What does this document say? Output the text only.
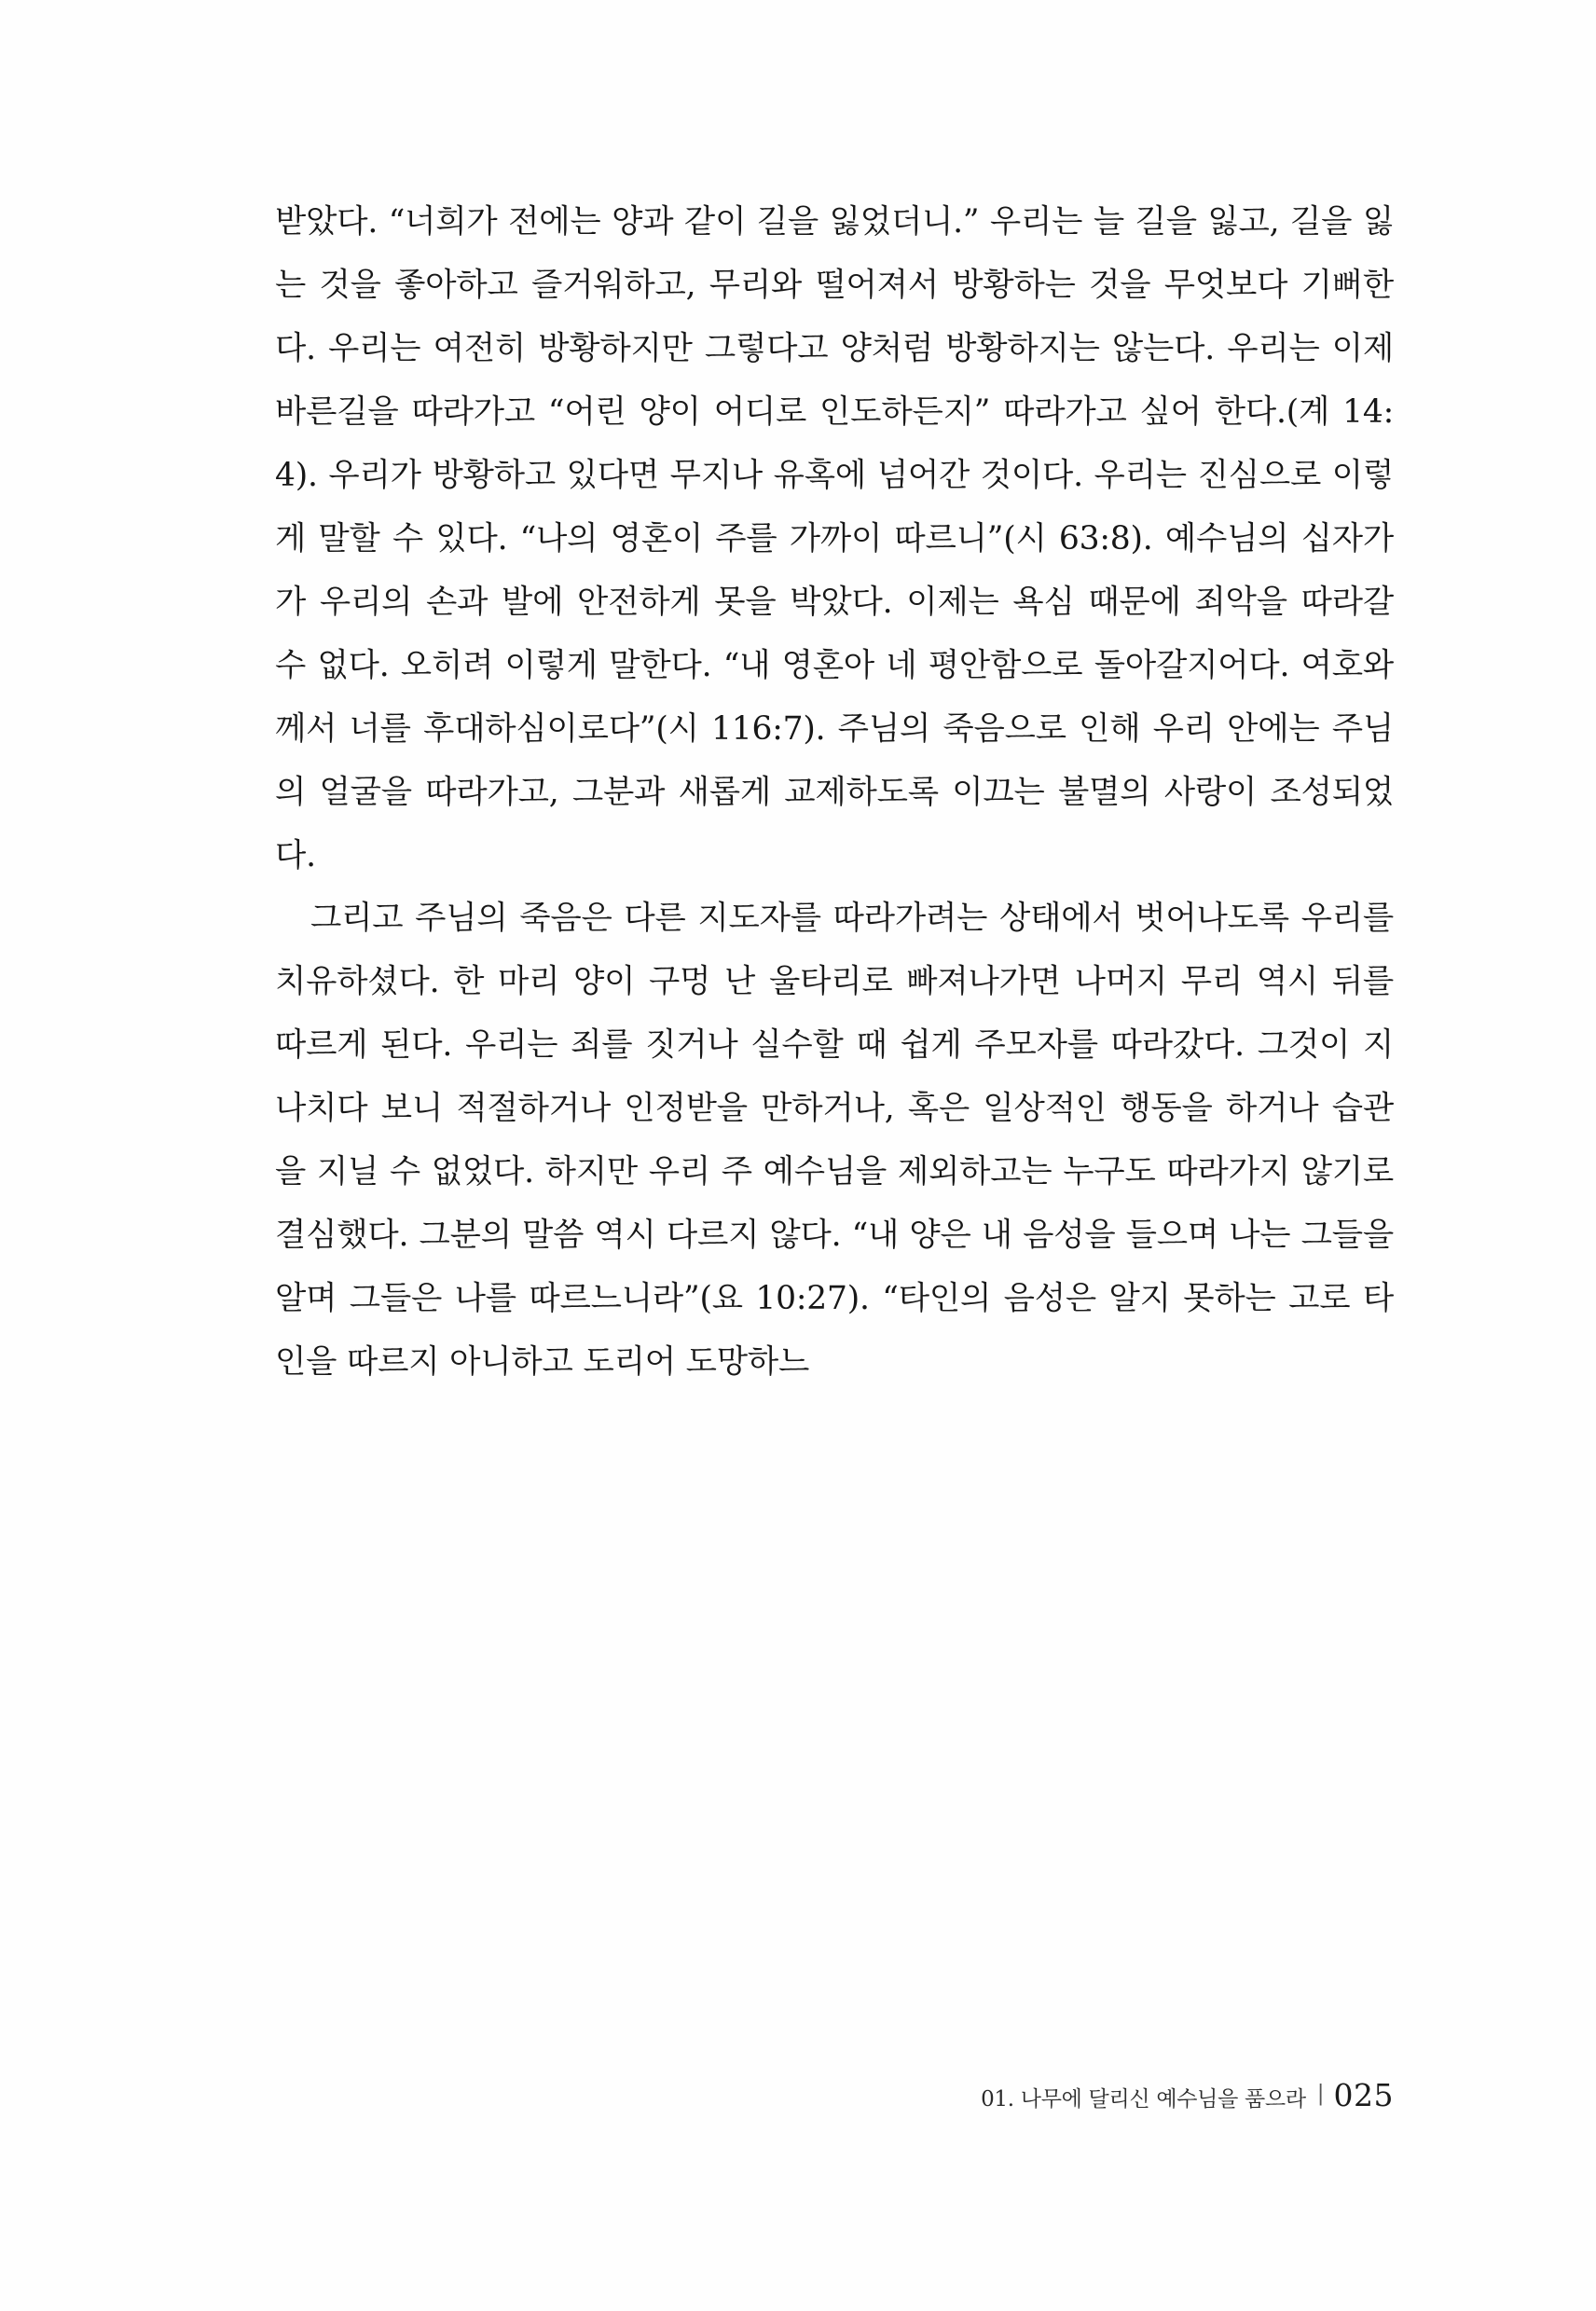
받았다. “너희가 전에는 양과 같이 길을 잃었더니.” 우리는 늘 길을 잃고, 길을 잃는 것을 좋아하고 즐거워하고, 무리와 떨어져서 방황하는 것을 무엇보다 기뻐한다. 우리는 여전히 방황하지만 그렇다고 양처럼 방황하지는 않는다. 우리는 이제 바른길을 따라가고 “어린 양이 어디로 인도하든지” 따라가고 싶어 한다.(계 14:4). 우리가 방황하고 있다면 무지나 유혹에 넘어간 것이다. 우리는 진심으로 이렇게 말할 수 있다. “나의 영혼이 주를 가까이 따르니”(시 63:8). 예수님의 십자가가 우리의 손과 발에 안전하게 못을 박았다. 이제는 욕심 때문에 죄악을 따라갈 수 없다. 오히려 이렇게 말한다. “내 영혼아 네 평안함으로 돌아갈지어다. 여호와께서 너를 후대하심이로다”(시 116:7). 주님의 죽음으로 인해 우리 안에는 주님의 얼굴을 따라가고, 그분과 새롭게 교제하도록 이끄는 불멸의 사랑이 조성되었다.

그리고 주님의 죽음은 다른 지도자를 따라가려는 상태에서 벗어나도록 우리를 치유하셨다. 한 마리 양이 구멍 난 울타리로 빠져나가면 나머지 무리 역시 뒤를 따르게 된다. 우리는 죄를 짓거나 실수할 때 쉽게 주모자를 따라갔다. 그것이 지나치다 보니 적절하거나 인정받을 만하거나, 혹은 일상적인 행동을 하거나 습관을 지닐 수 없었다. 하지만 우리 주 예수님을 제외하고는 누구도 따라가지 않기로 결심했다. 그분의 말씀 역시 다르지 않다. “내 양은 내 음성을 들으며 나는 그들을 알며 그들은 나를 따르느니라”(요 10:27). “타인의 음성은 알지 못하는 고로 타인을 따르지 아니하고 도리어 도망하느

01. 나무에 달리신 예수님을 품으라 | 025
